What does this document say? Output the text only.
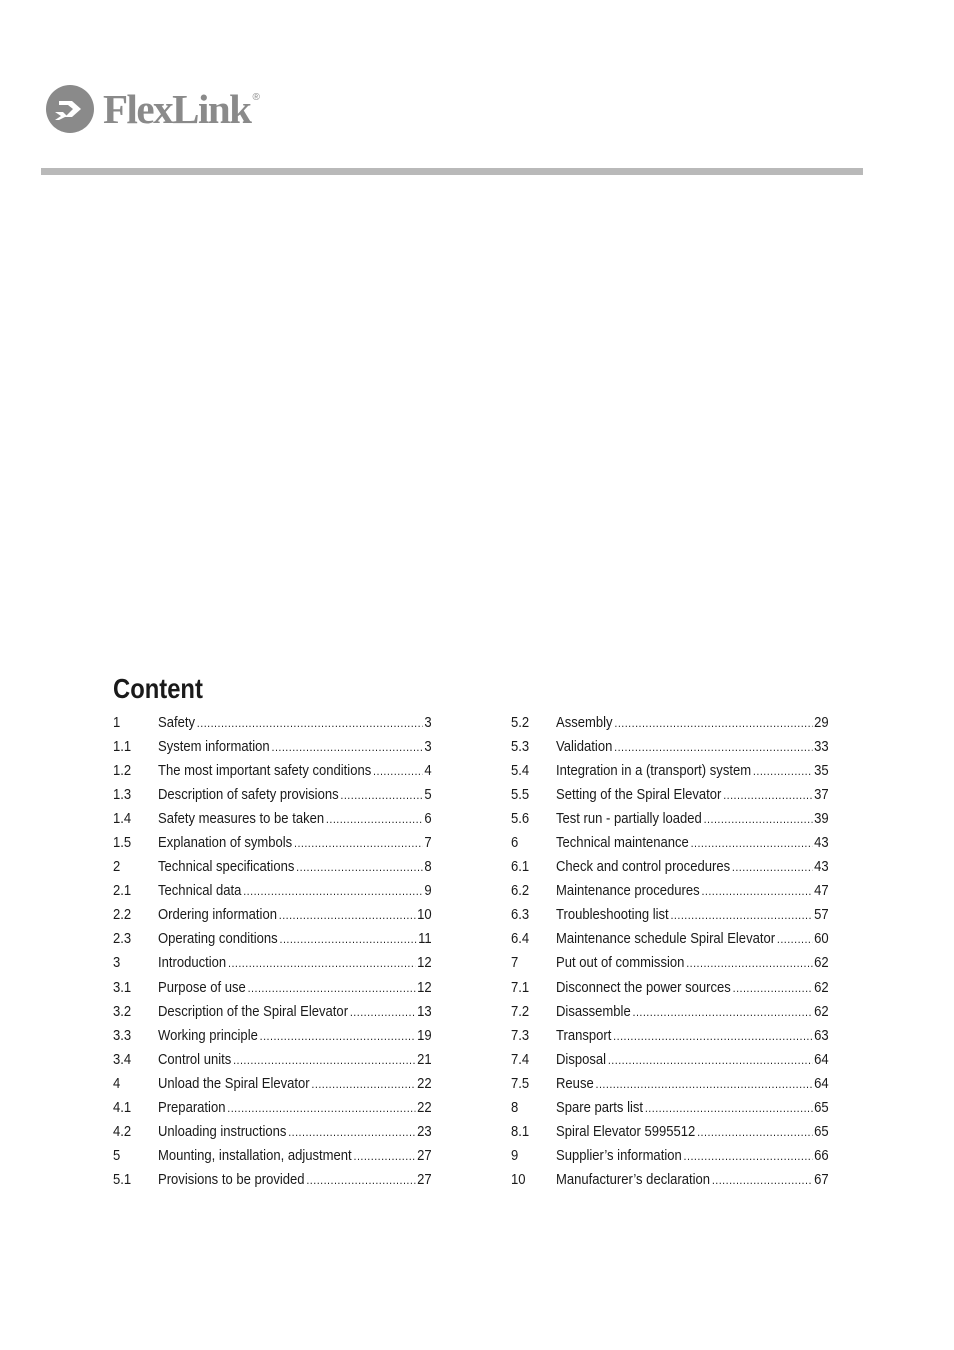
FlexLink ®
Content
1	Safety .....	3
1.1	System information .....	3
1.2	The most important safety conditions .....	4
1.3	Description of safety provisions .....	5
1.4	Safety measures to be taken .....	6
1.5	Explanation of symbols .....	7
2	Technical specifications .....	8
2.1	Technical data .....	9
2.2	Ordering information .....	10
2.3	Operating conditions .....	11
3	Introduction .....	12
3.1	Purpose of use .....	12
3.2	Description of the Spiral Elevator .....	13
3.3	Working principle .....	19
3.4	Control units .....	21
4	Unload the Spiral Elevator .....	22
4.1	Preparation .....	22
4.2	Unloading instructions .....	23
5	Mounting, installation, adjustment .....	27
5.1	Provisions to be provided .....	27
5.2	Assembly .....	29
5.3	Validation .....	33
5.4	Integration in a (transport) system .....	35
5.5	Setting of the Spiral Elevator .....	37
5.6	Test run - partially loaded .....	39
6	Technical maintenance .....	43
6.1	Check and control procedures .....	43
6.2	Maintenance procedures .....	47
6.3	Troubleshooting list .....	57
6.4	Maintenance schedule Spiral Elevator .....	60
7	Put out of commission .....	62
7.1	Disconnect the power sources .....	62
7.2	Disassemble .....	62
7.3	Transport .....	63
7.4	Disposal .....	64
7.5	Reuse .....	64
8	Spare parts list .....	65
8.1	Spiral Elevator 5995512 .....	65
9	Supplier’s information .....	66
10	Manufacturer’s declaration .....	67
